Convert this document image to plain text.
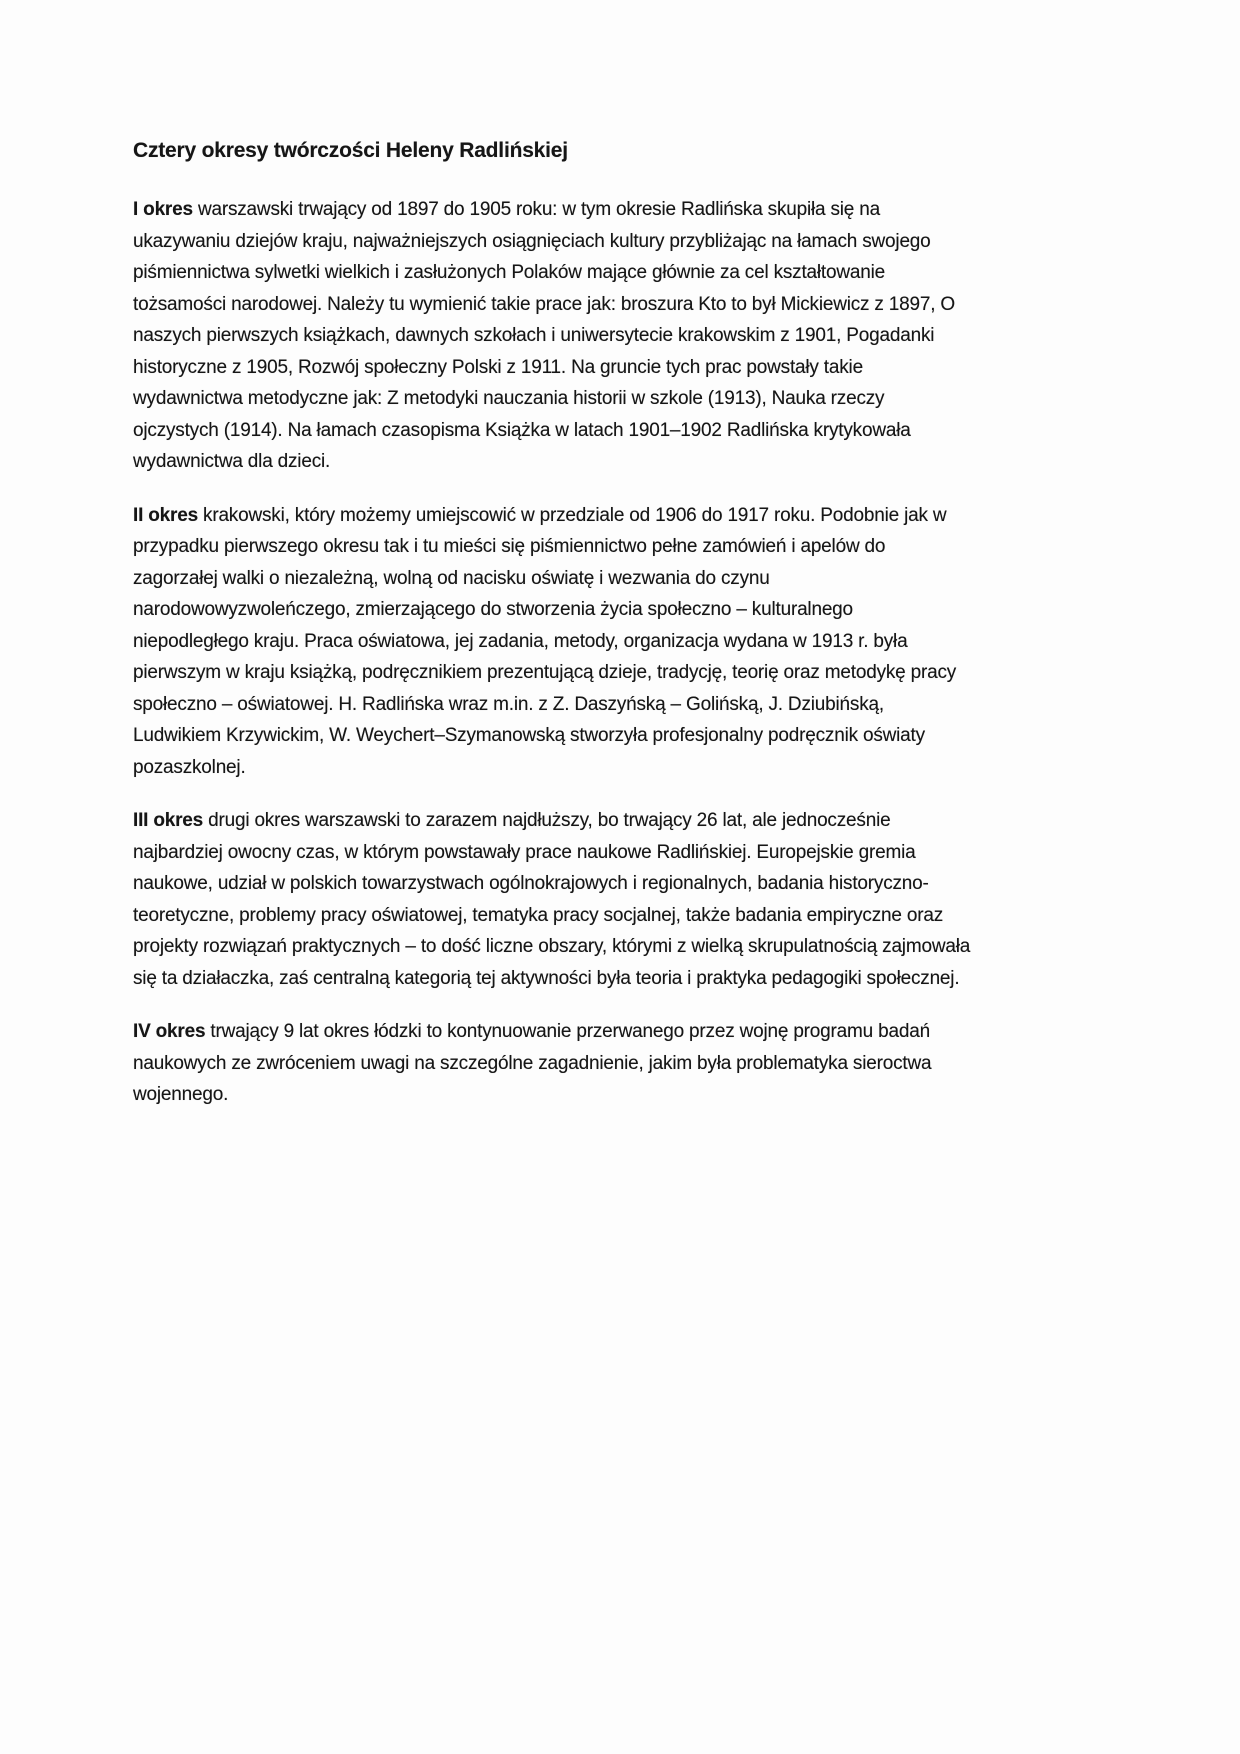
Cztery okresy twórczości Heleny Radlińskiej

I okres warszawski trwający od 1897 do 1905 roku: w tym okresie Radlińska skupiła się na ukazywaniu dziejów kraju, najważniejszych osiągnięciach kultury przybliżając na łamach swojego piśmiennictwa sylwetki wielkich i zasłużonych Polaków mające głównie za cel kształtowanie tożsamości narodowej. Należy tu wymienić takie prace jak: broszura Kto to był Mickiewicz z 1897, O naszych pierwszych książkach, dawnych szkołach i uniwersytecie krakowskim z 1901, Pogadanki historyczne z 1905, Rozwój społeczny Polski z 1911. Na gruncie tych prac powstały takie wydawnictwa metodyczne jak: Z metodyki nauczania historii w szkole (1913), Nauka rzeczy ojczystych (1914). Na łamach czasopisma Książka w latach 1901–1902 Radlińska krytykowała wydawnictwa dla dzieci.

II okres krakowski, który możemy umiejscowić w przedziale od 1906 do 1917 roku. Podobnie jak w przypadku pierwszego okresu tak i tu mieści się piśmiennictwo pełne zamówień i apelów do zagorzałej walki o niezależną, wolną od nacisku oświatę i wezwania do czynu narodowowyzwoleńczego, zmierzającego do stworzenia życia społeczno – kulturalnego niepodległego kraju. Praca oświatowa, jej zadania, metody, organizacja wydana w 1913 r. była pierwszym w kraju książką, podręcznikiem prezentującą dzieje, tradycję, teorię oraz metodykę pracy społeczno – oświatowej. H. Radlińska wraz m.in. z Z. Daszyńską – Golińską, J. Dziubińską, Ludwikiem Krzywickim, W. Weychert–Szymanowską stworzyła profesjonalny podręcznik oświaty pozaszkolnej.

III okres drugi okres warszawski to zarazem najdłuższy, bo trwający 26 lat, ale jednocześnie najbardziej owocny czas, w którym powstawały prace naukowe Radlińskiej. Europejskie gremia naukowe, udział w polskich towarzystwach ogólnokrajowych i regionalnych, badania historyczno-teoretyczne, problemy pracy oświatowej, tematyka pracy socjalnej, także badania empiryczne oraz projekty rozwiązań praktycznych – to dość liczne obszary, którymi z wielką skrupulatnością zajmowała się ta działaczka, zaś centralną kategorią tej aktywności była teoria i praktyka pedagogiki społecznej.

IV okres trwający 9 lat okres łódzki to kontynuowanie przerwanego przez wojnę programu badań naukowych ze zwróceniem uwagi na szczególne zagadnienie, jakim była problematyka sieroctwa wojennego.
